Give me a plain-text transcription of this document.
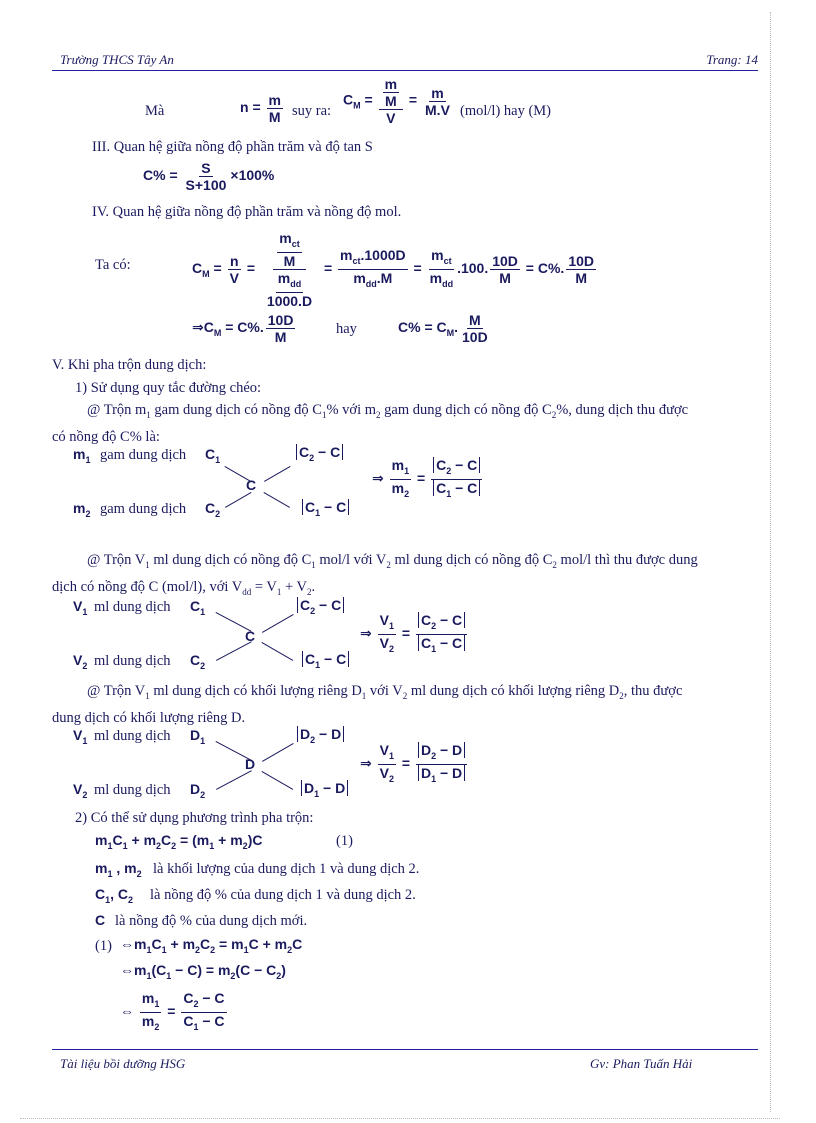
Trường THCS Tây An	Trang: 14
Mà	$n = \frac{m}{M}$ suy ra:
$C_M = \frac{\frac{m}{M}}{V} = \frac{m}{M.V} (mol/l)$ hay (M)
III. Quan hệ giữa nồng độ phần trăm và độ tan S
$C\% = \frac{S}{S+100} \times 100\%$
IV. Quan hệ giữa nồng độ phần trăm và nồng độ mol.
Ta có:	$C_M = \frac{n}{V} = \frac{\frac{m_{ct}}{M}}{\frac{m_{dd}}{1000.D}} = \frac{m_{ct}.1000D}{m_{dd}.M} = \frac{m_{ct}}{m_{dd}} .100$. $\frac{10D}{M} = C\%$. $\frac{10D}{M}$
$\Rightarrow C_M = C\%$. $\frac{10D}{M}$	hay	$C\% = C_M$. $\frac{M}{10D}$
V. Khi pha trộn dung dịch:
1) Sử dụng quy tắc đường chéo:
@ Trộn $m_1$ gam dung dịch có nồng độ $C_1\%$ với $m_2$ gam dung dịch có nồng độ $C_2\%$, dung dịch thu được
có nồng độ C% là:
$m_1$ gam dung dịch $C_1$	$C_2 - C$
C
$m_2$ gam dung dịch $C_2$	$C_1 - C$
⇒ $\frac{m_1}{m_2} = \frac{C_2 - C}{C_1 - C}$
@ Trộn $V_1$ ml dung dịch có nồng độ $C_1$ mol/l với $V_2$ ml dung dịch có nồng độ $C_2$ mol/l thì thu được dung
dịch có nồng độ C (mol/l), với $V_{dd} = V_1 + V_2$.
$V_1$ ml dung dịch $C_1$	$C_2 - C$
C
$V_2$ ml dung dịch $C_2$	$C_1 - C$
⇒ $\frac{V_1}{V_2} = \frac{C_2 - C}{C_1 - C}$
@ Trộn $V_1$ ml dung dịch có khối lượng riêng $D_1$ với $V_2$ ml dung dịch có khối lượng riêng $D_2$, thu được
dung dịch có khối lượng riêng D.
$V_1$ ml dung dịch $D_1$	$D_2 - D$
D
$V_2$ ml dung dịch $D_2$	$D_1 - D$
⇒ $\frac{V_1}{V_2} = \frac{D_2 - D}{D_1 - D}$
2) Có thể sử dụng phương trình pha trộn:
$m_1C_1 + m_2C_2 = (m_1 + m_2)C$	(1)
$m_1$ , $m_2$ là khối lượng của dung dịch 1 và dung dịch 2.
$C_1$, $C_2$ là nồng độ % của dung dịch 1 và dung dịch 2.
C là nồng độ % của dung dịch mới.
(1) $\Leftrightarrow m_1C_1 + m_2C_2 = m_1C + m_2C$
$\Leftrightarrow m_1(C_1 - C) = m_2(C - C_2)$
⇔ $\frac{m_1}{m_2} = \frac{C_2 - C}{C_1 - C}$
Tài liệu bồi dưỡng HSG	Gv: Phan Tuấn Hải
